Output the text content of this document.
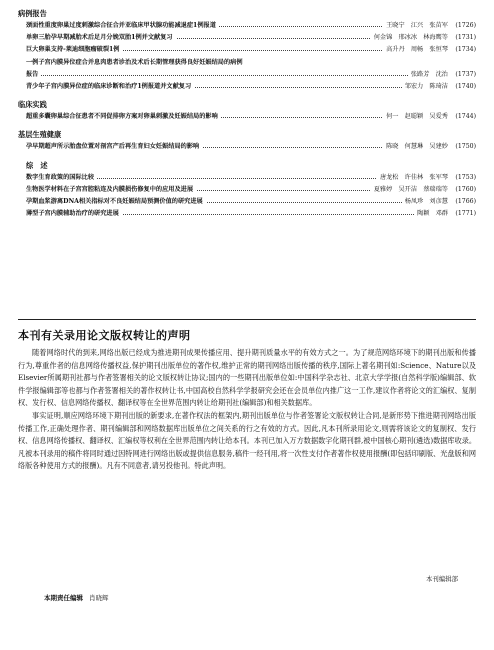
病例报告
颈面性重度卵巢过度刺激综合征合并亚临床甲状腺功能减退症1例报道	王晓宁　江兴　张苗军 (1726)
单卵三胎孕早期减胎术后足月分娩双胎1例并文献复习	何金锦　邢冰冰　林海鹰等 (1731)
巨大卵巢支持-莱迪细胞瘤破裂1例	高升丹　周畅　张恒琴 (1734)
一例子宫内膜异位症合并息肉患者诊治及术后长期管理获得良好妊娠结局的病例
报告	张路芳　沈治 (1737)
青少年子宫内膜异位症的临床诊断和治疗1例报道并文献复习	邹宏力　陈琦洁 (1740)
临床实践
超重多囊卵巢综合征患者不同促排卵方案对卵巢刺激及妊娠结局的影响	何一　赵聪颖　吴爱秀 (1744)
基层生殖健康
孕早期超声所示胎盘位置对剖宫产后再生育妇女妊娠结局的影响	陈晓　何慧琳　吴建妙 (1750)
综　述
数字生育政策的国际比较	唐龙松　许佳林　张军琴 (1753)
生物医学材料在子宫宫腔粘连及内膜损伤修复中的应用及进展	夏雅婷　吴开洁　蔡瑞瑞等 (1760)
孕期血浆游离DNA相关指标对不良妊娠结局预测价值的研究进展	杨凤珍　刘彦慧 (1766)
薄型子宫内膜辅助治疗的研究进展	陶颖　邓群 (1771)
本刊有关录用论文版权转让的声明

随着网络时代的到来,网络出版已经成为推进期刊成果传播应用、提升期刊质量水平的有效方式之一。为了规范网络环境下的期刊出版和传播行为,尊重作者的信息网络传播权益,保护期刊出版单位的著作权,维护正常的期刊网络出版传播的秩序,国际上著名期刊如:Science、Nature以及Elsevier所属期刊社都与作者签署相关的论文版权转让协议;国内的一些期刊出版单位如:中国科学杂志社、北京大学学报(自然科学版)编辑部、软件学报编辑部等也都与作者签署相关的著作权转让书,中国高校自然科学学报研究会还在会员单位内推广这一工作,建议作者将论文的汇编权、复制权、发行权、信息网络传播权、翻译权等在全世界范围内转让给期刊社(编辑部)和相关数据库。

事实证明,顺应网络环境下期刊出版的新要求,在著作权法的框架内,期刊出版单位与作者签署论文版权转让合同,是新形势下推进期刊网络出版传播工作,正确处理作者、期刊编辑部和网络数据库出版单位之间关系的行之有效的方式。因此,凡本刊所录用论文,则需将该论文的复制权、发行权、信息网络传播权、翻译权、汇编权等权利在全世界范围内转让给本刊。本刊已加入万方数据数字化期刊群,被中国核心期刊(遴选)数据库收录。凡被本刊录用的稿件将同时通过因特网进行网络出版或提供信息服务,稿件一经刊用,将一次性支付作者著作权使用报酬(即包括印刷版、光盘版和网络版各种使用方式的报酬)。凡有不同意者,请另投他刊。特此声明。

本刊编辑部
本期责任编辑 肖晓辉
